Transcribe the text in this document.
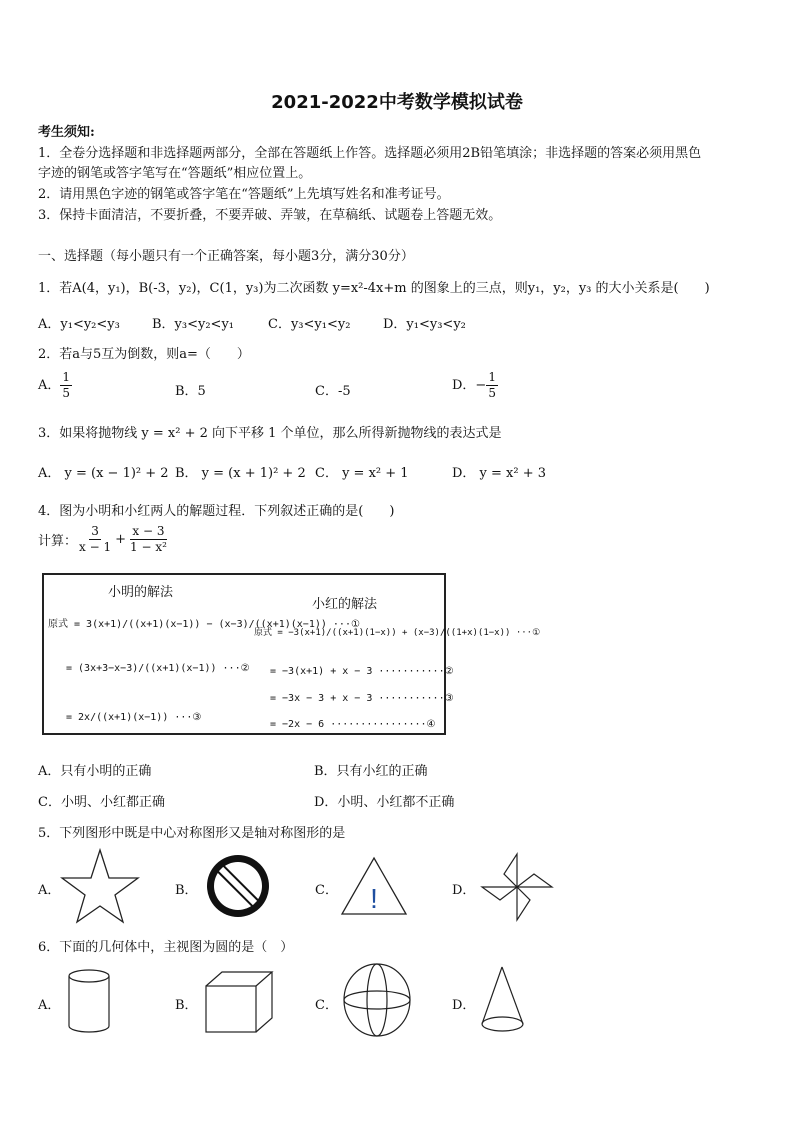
2021-2022中考数学模拟试卷
考生须知:
1．全卷分选择题和非选择题两部分，全部在答题纸上作答。选择题必须用2B铅笔填涂；非选择题的答案必须用黑色
字迹的钢笔或答字笔写在“答题纸”相应位置上。
2．请用黑色字迹的钢笔或答字笔在“答题纸”上先填写姓名和准考证号。
3．保持卡面清洁，不要折叠，不要弄破、弄皱，在草稿纸、试题卷上答题无效。
一、选择题（每小题只有一个正确答案，每小题3分，满分30分）
1．若A(4，y₁)，B(-3，y₂)，C(1，y₃)为二次函数 y=x²-4x+m 的图象上的三点，则y₁，y₂，y₃ 的大小关系是(　　)
A．y₁<y₂<y₃ B．y₃<y₂<y₁	C．y₃<y₁<y₂	D．y₁<y₃<y₂
2．若a与5互为倒数，则a=（　　）
A． $\frac{1}{5}$	B．5	C．-5	D．− $\frac{1}{5}$
3．如果将抛物线 y = x² + 2 向下平移 1 个单位，那么所得新抛物线的表达式是
A． y = (x − 1)² + 2 B． y = (x + 1)² + 2 C． y = x² + 1	D． y = x² + 3
4．图为小明和小红两人的解题过程．下列叙述正确的是(　　)
计算： $\frac{3}{x - 1} + \frac{x - 3}{\text{1 − x²}}$
小明的解法
原式 = 3(x+1)/((x+1)(x−1)) − (x−3)/((x+1)(x−1)) ···①
= (3x+3−x−3)/((x+1)(x−1)) ···②
= 2x/((x+1)(x−1)) ···③
小红的解法
原式 = −3(x+1)/((x+1)(1−x)) + (x−3)/((1+x)(1−x)) ···①
= −3(x+1) + x − 3 ···········②
= −3x − 3 + x − 3 ···········③
= −2x − 6 ················④
A．只有小明的正确	B．只有小红的正确
C．小明、小红都正确	D．小明、小红都不正确
5．下列图形中既是中心对称图形又是轴对称图形的是
A．	B．	C．	D．
!
6．下面的几何体中，主视图为圆的是（　）
A．	B．	C．	D．
